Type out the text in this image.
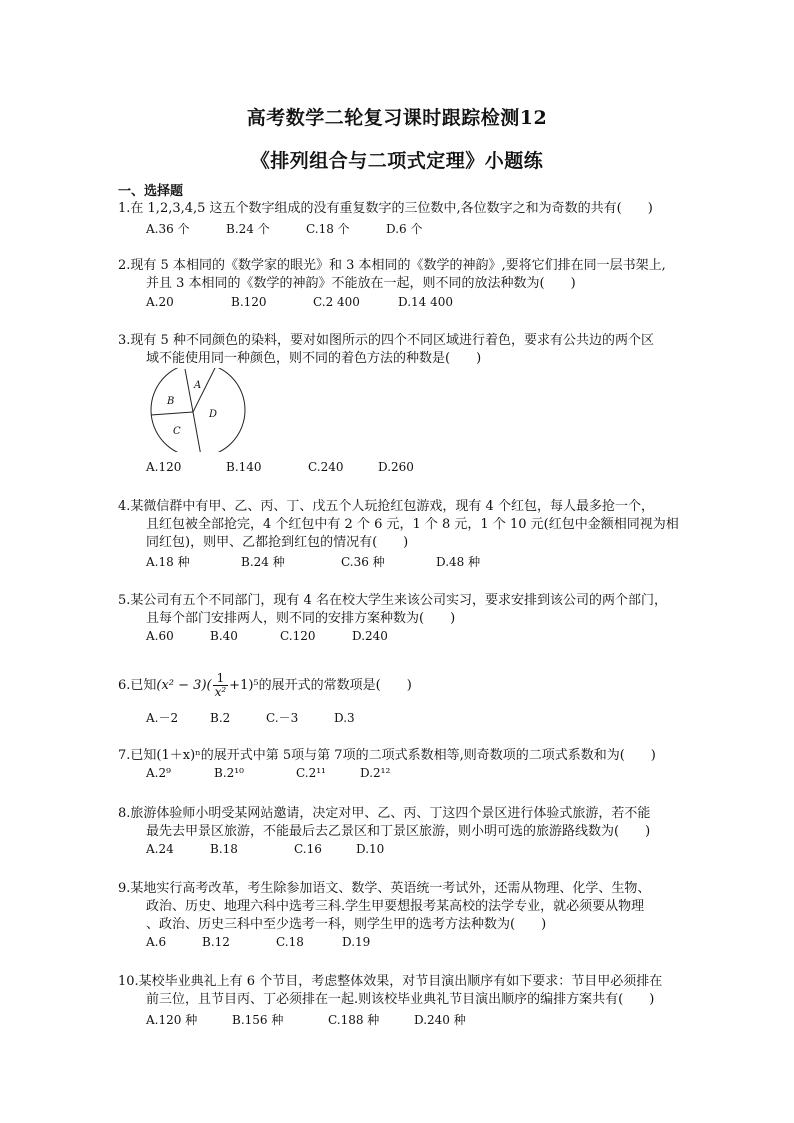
高考数学二轮复习课时跟踪检测12
《排列组合与二项式定理》小题练
一、选择题
1.在 1,2,3,4,5 这五个数字组成的没有重复数字的三位数中,各位数字之和为奇数的共有(　　)
A.36 个	B.24 个	C.18 个	D.6 个
2.现有 5 本相同的《数学家的眼光》和 3 本相同的《数学的神韵》,要将它们排在同一层书架上,
并且 3 本相同的《数学的神韵》不能放在一起，则不同的放法种数为(　　)
A.20	B.120	C.2 400	D.14 400
3.现有 5 种不同颜色的染料，要对如图所示的四个不同区域进行着色，要求有公共边的两个区
域不能使用同一种颜色，则不同的着色方法的种数是(　　)
A
B
C
D
A.120	B.140	C.240	D.260
4.某微信群中有甲、乙、丙、丁、戊五个人玩抢红包游戏，现有 4 个红包，每人最多抢一个，
且红包被全部抢完，4 个红包中有 2 个 6 元，1 个 8 元，1 个 10 元(红包中金额相同视为相
同红包)，则甲、乙都抢到红包的情况有(　　)
A.18 种	B.24 种	C.36 种	D.48 种
5.某公司有五个不同部门，现有 4 名在校大学生来该公司实习，要求安排到该公司的两个部门，
且每个部门安排两人，则不同的安排方案种数为(　　)
A.60	B.40	C.120	D.240
6.已知$(x^2 - 3)( \frac{1}{\text{x²}} +1)^5$的展开式的常数项是(　　)
A.－2	B.2	C.－3	D.3
7.已知(1＋x)ⁿ的展开式中第 5项与第 7项的二项式系数相等,则奇数项的二项式系数和为(　　)
A.2⁹	B.2¹⁰	C.2¹¹	D.2¹²
8.旅游体验师小明受某网站邀请，决定对甲、乙、丙、丁这四个景区进行体验式旅游，若不能
最先去甲景区旅游，不能最后去乙景区和丁景区旅游，则小明可选的旅游路线数为(　　)
A.24	B.18	C.16	D.10
9.某地实行高考改革，考生除参加语文、数学、英语统一考试外，还需从物理、化学、生物、
政治、历史、地理六科中选考三科.学生甲要想报考某高校的法学专业，就必须要从物理
、政治、历史三科中至少选考一科，则学生甲的选考方法种数为(　　)
A.6	B.12	C.18	D.19
10.某校毕业典礼上有 6 个节目，考虑整体效果，对节目演出顺序有如下要求：节目甲必须排在
前三位，且节目丙、丁必须排在一起.则该校毕业典礼节目演出顺序的编排方案共有(　　)
A.120 种	B.156 种	C.188 种	D.240 种
